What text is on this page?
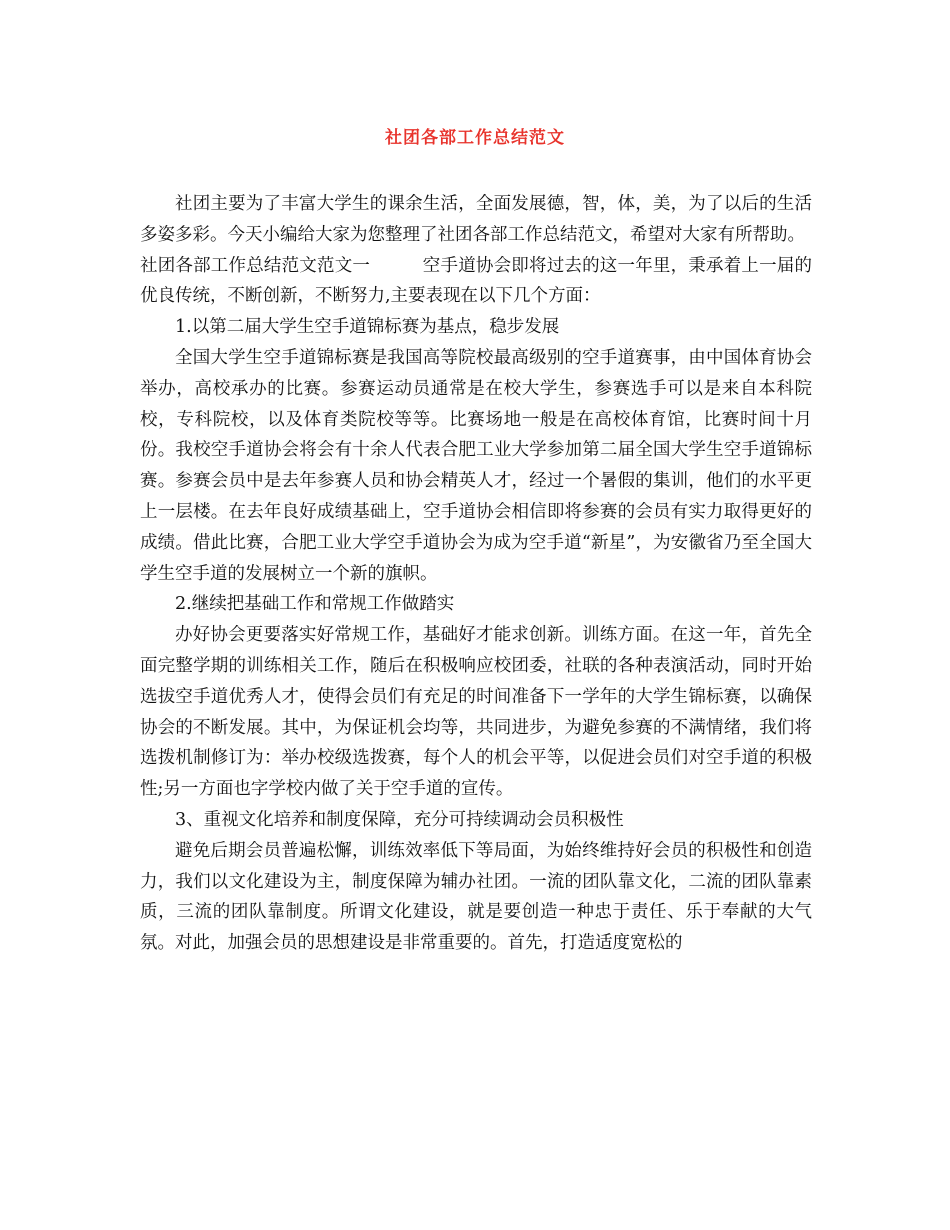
社团各部工作总结范文

社团主要为了丰富大学生的课余生活，全面发展德，智，体，美，为了以后的生活多姿多彩。今天小编给大家为您整理了社团各部工作总结范文，希望对大家有所帮助。

社团各部工作总结范文范文一	空手道协会即将过去的这一年里，秉承着上一届的优良传统，不断创新，不断努力,主要表现在以下几个方面：

1.以第二届大学生空手道锦标赛为基点，稳步发展

全国大学生空手道锦标赛是我国高等院校最高级别的空手道赛事，由中国体育协会举办，高校承办的比赛。参赛运动员通常是在校大学生，参赛选手可以是来自本科院校，专科院校，以及体育类院校等等。比赛场地一般是在高校体育馆，比赛时间十月份。我校空手道协会将会有十余人代表合肥工业大学参加第二届全国大学生空手道锦标赛。参赛会员中是去年参赛人员和协会精英人才，经过一个暑假的集训，他们的水平更上一层楼。在去年良好成绩基础上，空手道协会相信即将参赛的会员有实力取得更好的成绩。借此比赛，合肥工业大学空手道协会为成为空手道“新星”，为安徽省乃至全国大学生空手道的发展树立一个新的旗帜。

2.继续把基础工作和常规工作做踏实

办好协会更要落实好常规工作，基础好才能求创新。训练方面。在这一年，首先全面完整学期的训练相关工作，随后在积极响应校团委，社联的各种表演活动，同时开始选拔空手道优秀人才，使得会员们有充足的时间准备下一学年的大学生锦标赛，以确保协会的不断发展。其中，为保证机会均等，共同进步，为避免参赛的不满情绪，我们将选拨机制修订为：举办校级选拨赛，每个人的机会平等，以促进会员们对空手道的积极性;另一方面也字学校内做了关于空手道的宣传。

3、重视文化培养和制度保障，充分可持续调动会员积极性

避免后期会员普遍松懈，训练效率低下等局面，为始终维持好会员的积极性和创造力，我们以文化建设为主，制度保障为辅办社团。一流的团队靠文化，二流的团队靠素质，三流的团队靠制度。所谓文化建设，就是要创造一种忠于责任、乐于奉献的大气氛。对此，加强会员的思想建设是非常重要的。首先，打造适度宽松的
